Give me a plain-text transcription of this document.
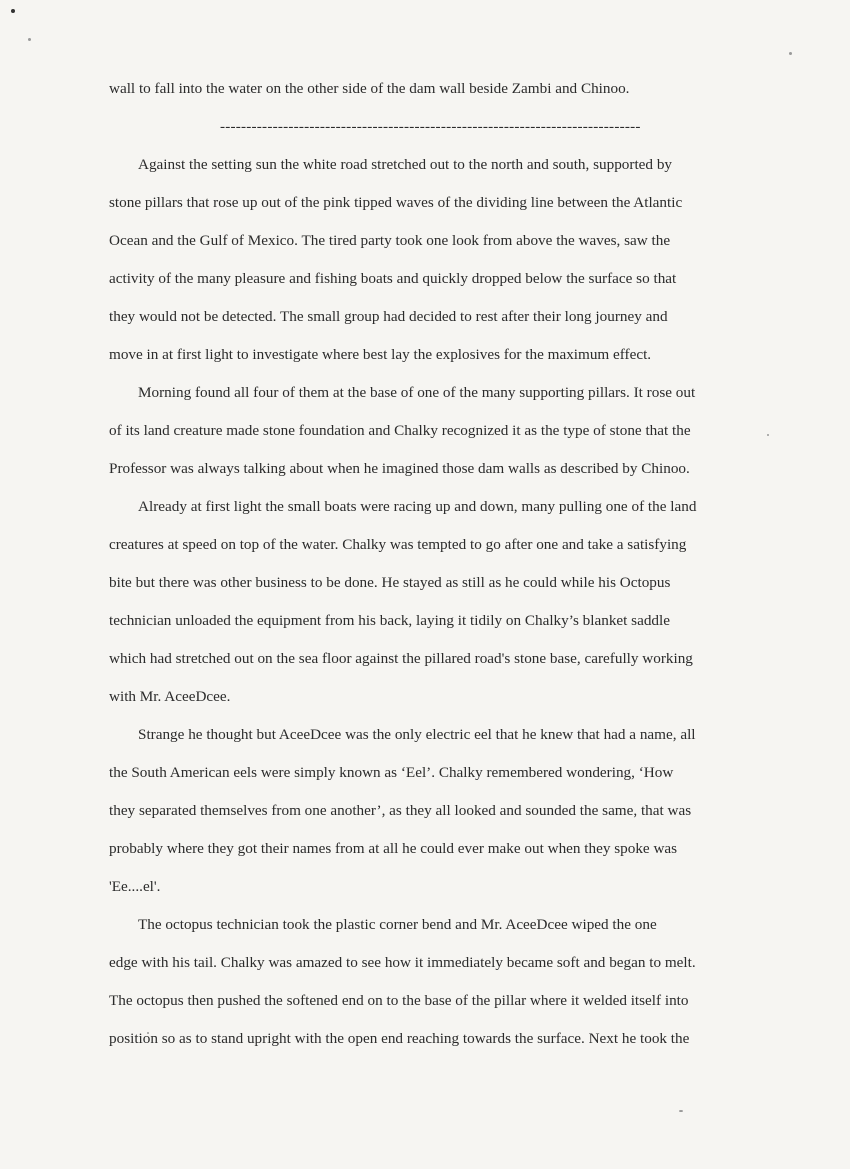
wall to fall into the water on the other side of the dam wall beside Zambi and Chinoo.
--------------------------------------------------------------------------------
Against the setting sun the white road stretched out to the north and south, supported by
stone pillars that rose up out of the pink tipped waves of the dividing line between the Atlantic
Ocean and the Gulf of Mexico. The tired party took one look from above the waves, saw the
activity of the many pleasure and fishing boats and quickly dropped below the surface so that
they would not be detected. The small group had decided to rest after their long journey and
move in at first light to investigate where best lay the explosives for the maximum effect.
Morning found all four of them at the base of one of the many supporting pillars. It rose out
of its land creature made stone foundation and Chalky recognized it as the type of stone that the
Professor was always talking about when he imagined those dam walls as described by Chinoo.
Already at first light the small boats were racing up and down, many pulling one of the land
creatures at speed on top of the water. Chalky was tempted to go after one and take a satisfying
bite but there was other business to be done. He stayed as still as he could while his Octopus
technician unloaded the equipment from his back, laying it tidily on Chalky’s blanket saddle
which had stretched out on the sea floor against the pillared road's stone base, carefully working
with Mr. AceeDcee.
Strange he thought but AceeDcee was the only electric eel that he knew that had a name, all
the South American eels were simply known as ‘Eel’. Chalky remembered wondering, ‘How
they separated themselves from one another’, as they all looked and sounded the same, that was
probably where they got their names from at all he could ever make out when they spoke was
'Ee....el'.
The octopus technician took the plastic corner bend and Mr. AceeDcee wiped the one
edge with his tail. Chalky was amazed to see how it immediately became soft and began to melt.
The octopus then pushed the softened end on to the base of the pillar where it welded itself into
position so as to stand upright with the open end reaching towards the surface. Next he took the
